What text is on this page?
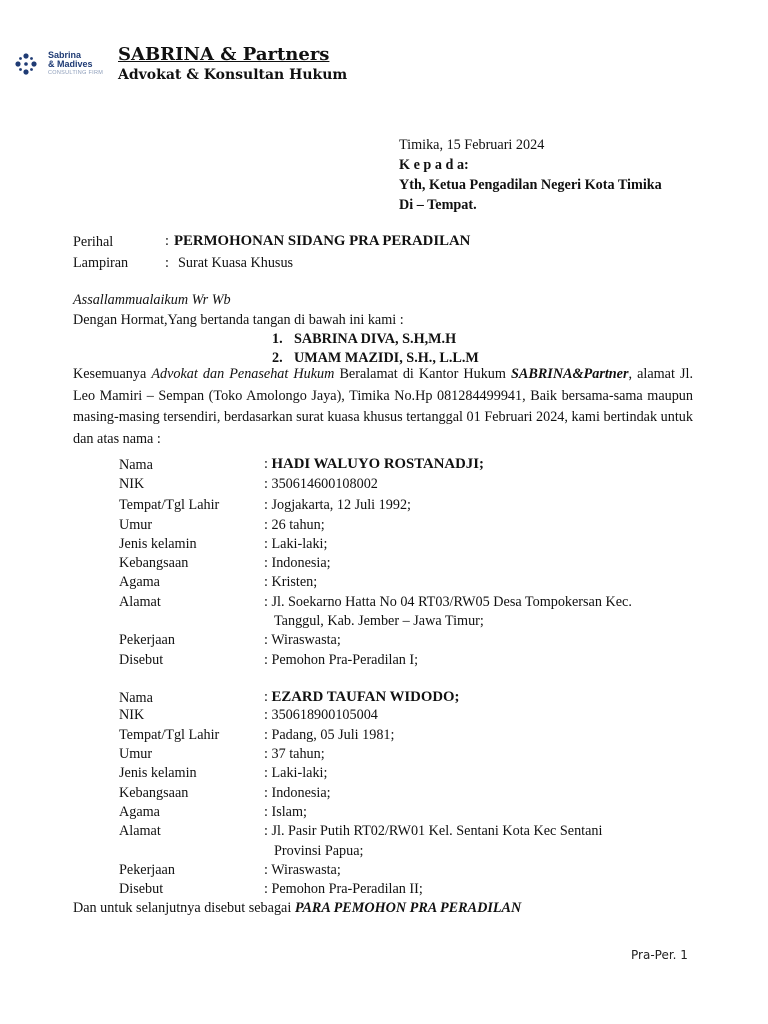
Sabrina
& Madives
CONSULTING FIRM
SABRINA & Partners
Advokat & Konsultan Hukum
Timika, 15 Februari 2024
K e p a d a:
Yth, Ketua Pengadilan Negeri Kota Timika
Di – Tempat.
Perihal	: PERMOHONAN SIDANG PRA PERADILAN
Lampiran	: Surat Kuasa Khusus
Assallammualaikum Wr Wb
Dengan Hormat,Yang bertanda tangan di bawah ini kami :
1. SABRINA DIVA, S.H,M.H
2. UMAM MAZIDI, S.H., L.L.M

Kesemuanya Advokat dan Penasehat Hukum Beralamat di Kantor Hukum SABRINA&Partner, alamat Jl. Leo Mamiri – Sempan (Toko Amolongo Jaya), Timika No.Hp 081284499941, Baik bersama-sama maupun masing-masing tersendiri, berdasarkan surat kuasa khusus tertanggal 01 Februari 2024, kami bertindak untuk dan atas nama :

Nama	: HADI WALUYO ROSTANADJI;
NIK	: 350614600108002
Tempat/Tgl Lahir	: Jogjakarta, 12 Juli 1992;
Umur	: 26 tahun;
Jenis kelamin	: Laki-laki;
Kebangsaan	: Indonesia;
Agama	: Kristen;
Alamat	: Jl. Soekarno Hatta No 04 RT03/RW05 Desa Tompokersan Kec.
Tanggul, Kab. Jember – Jawa Timur;
Pekerjaan	: Wiraswasta;
Disebut	: Pemohon Pra-Peradilan I;
Nama	: EZARD TAUFAN WIDODO;
NIK	: 350618900105004
Tempat/Tgl Lahir	: Padang, 05 Juli 1981;
Umur	: 37 tahun;
Jenis kelamin	: Laki-laki;
Kebangsaan	: Indonesia;
Agama	: Islam;
Alamat	: Jl. Pasir Putih RT02/RW01 Kel. Sentani Kota Kec Sentani
Provinsi Papua;
Pekerjaan	: Wiraswasta;
Disebut	: Pemohon Pra-Peradilan II;
Dan untuk selanjutnya disebut sebagai PARA PEMOHON PRA PERADILAN
Pra-Per. 1
